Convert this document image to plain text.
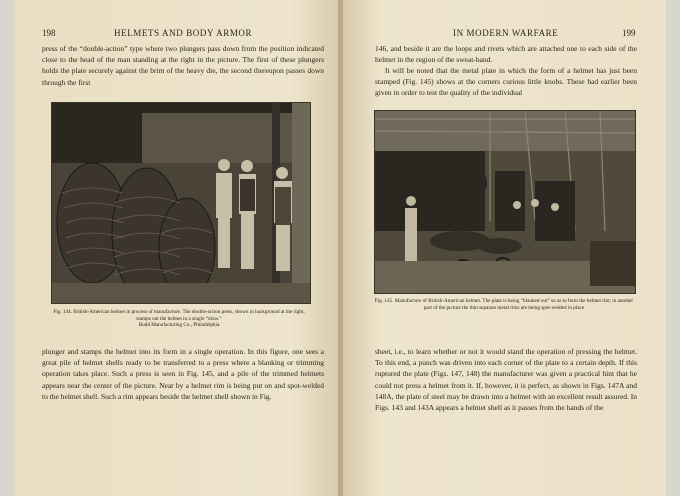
198	HELMETS AND BODY ARMOR

press of the “double-action” type where two plungers pass down from the position indicated close to the head of the man standing at the right in the picture. The first of these plungers holds the plate securely against the brim of the heavy die, the second thereupon passes down through the first

Fig. 144. British-American helmet in process of manufacture. The double-action press, shown in background at the right, stamps out the helmet in a single “draw.”
Budd Manufacturing Co., Philadelphia

plunger and stamps the helmet into its form in a single operation. In this figure, one sees a great pile of helmet shells ready to be transferred to a press where a blanking or trimming operation takes place. Such a press is seen in Fig. 145, and a pile of the trimmed helmets appears near the center of the picture. Near by a helmet rim is being put on and spot-welded to the helmet shell. Such a rim appears beside the helmet shell shown in Fig.

IN MODERN WARFARE	199

146, and beside it are the loops and rivets which are attached one to each side of the helmet in the region of the sweat-band.

It will be noted that the metal plate in which the form of a helmet has just been stamped (Fig. 145) shows at the corners curious little knobs. These had earlier been given in order to test the quality of the individual

Fig. 145. Manufacture of British-American helmet. The plate is being “blanked out” so as to form the helmet rim; in another part of the picture the thin separate metal rims are being spot-welded in place

sheet, i.e., to learn whether or not it would stand the operation of pressing the helmet. To this end, a punch was driven into each corner of the plate to a certain depth. If this ruptured the plate (Figs. 147, 148) the manufacturer was given a practical hint that he could not press a helmet from it. If, however, it is perfect, as shown in Figs. 147A and 148A, the plate of steel may be drawn into a helmet with an excellent result assured. In Figs. 143 and 143A appears a helmet shell as it passes from the hands of the
